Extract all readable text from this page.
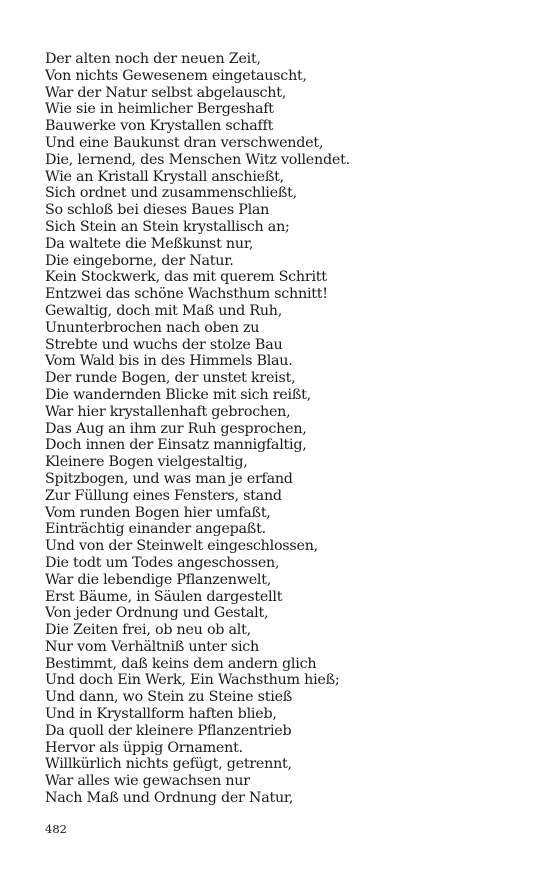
Der alten noch der neuen Zeit,
Von nichts Gewesenem eingetauscht,
War der Natur selbst abgelauscht,
Wie sie in heimlicher Bergeshaft
Bauwerke von Krystallen schafft
Und eine Baukunst dran verschwendet,
Die, lernend, des Menschen Witz vollendet.
Wie an Kristall Krystall anschießt,
Sich ordnet und zusammenschließt,
So schloß bei dieses Baues Plan
Sich Stein an Stein krystallisch an;
Da waltete die Meßkunst nur,
Die eingeborne, der Natur.
Kein Stockwerk, das mit querem Schritt
Entzwei das schöne Wachsthum schnitt!
Gewaltig, doch mit Maß und Ruh,
Ununterbrochen nach oben zu
Strebte und wuchs der stolze Bau
Vom Wald bis in des Himmels Blau.
Der runde Bogen, der unstet kreist,
Die wandernden Blicke mit sich reißt,
War hier krystallenhaft gebrochen,
Das Aug an ihm zur Ruh gesprochen,
Doch innen der Einsatz mannigfaltig,
Kleinere Bogen vielgestaltig,
Spitzbogen, und was man je erfand
Zur Füllung eines Fensters, stand
Vom runden Bogen hier umfaßt,
Einträchtig einander angepaßt.
Und von der Steinwelt eingeschlossen,
Die todt um Todes angeschossen,
War die lebendige Pflanzenwelt,
Erst Bäume, in Säulen dargestellt
Von jeder Ordnung und Gestalt,
Die Zeiten frei, ob neu ob alt,
Nur vom Verhältniß unter sich
Bestimmt, daß keins dem andern glich
Und doch Ein Werk, Ein Wachsthum hieß;
Und dann, wo Stein zu Steine stieß
Und in Krystallform haften blieb,
Da quoll der kleinere Pflanzentrieb
Hervor als üppig Ornament.
Willkürlich nichts gefügt, getrennt,
War alles wie gewachsen nur
Nach Maß und Ordnung der Natur,
482
